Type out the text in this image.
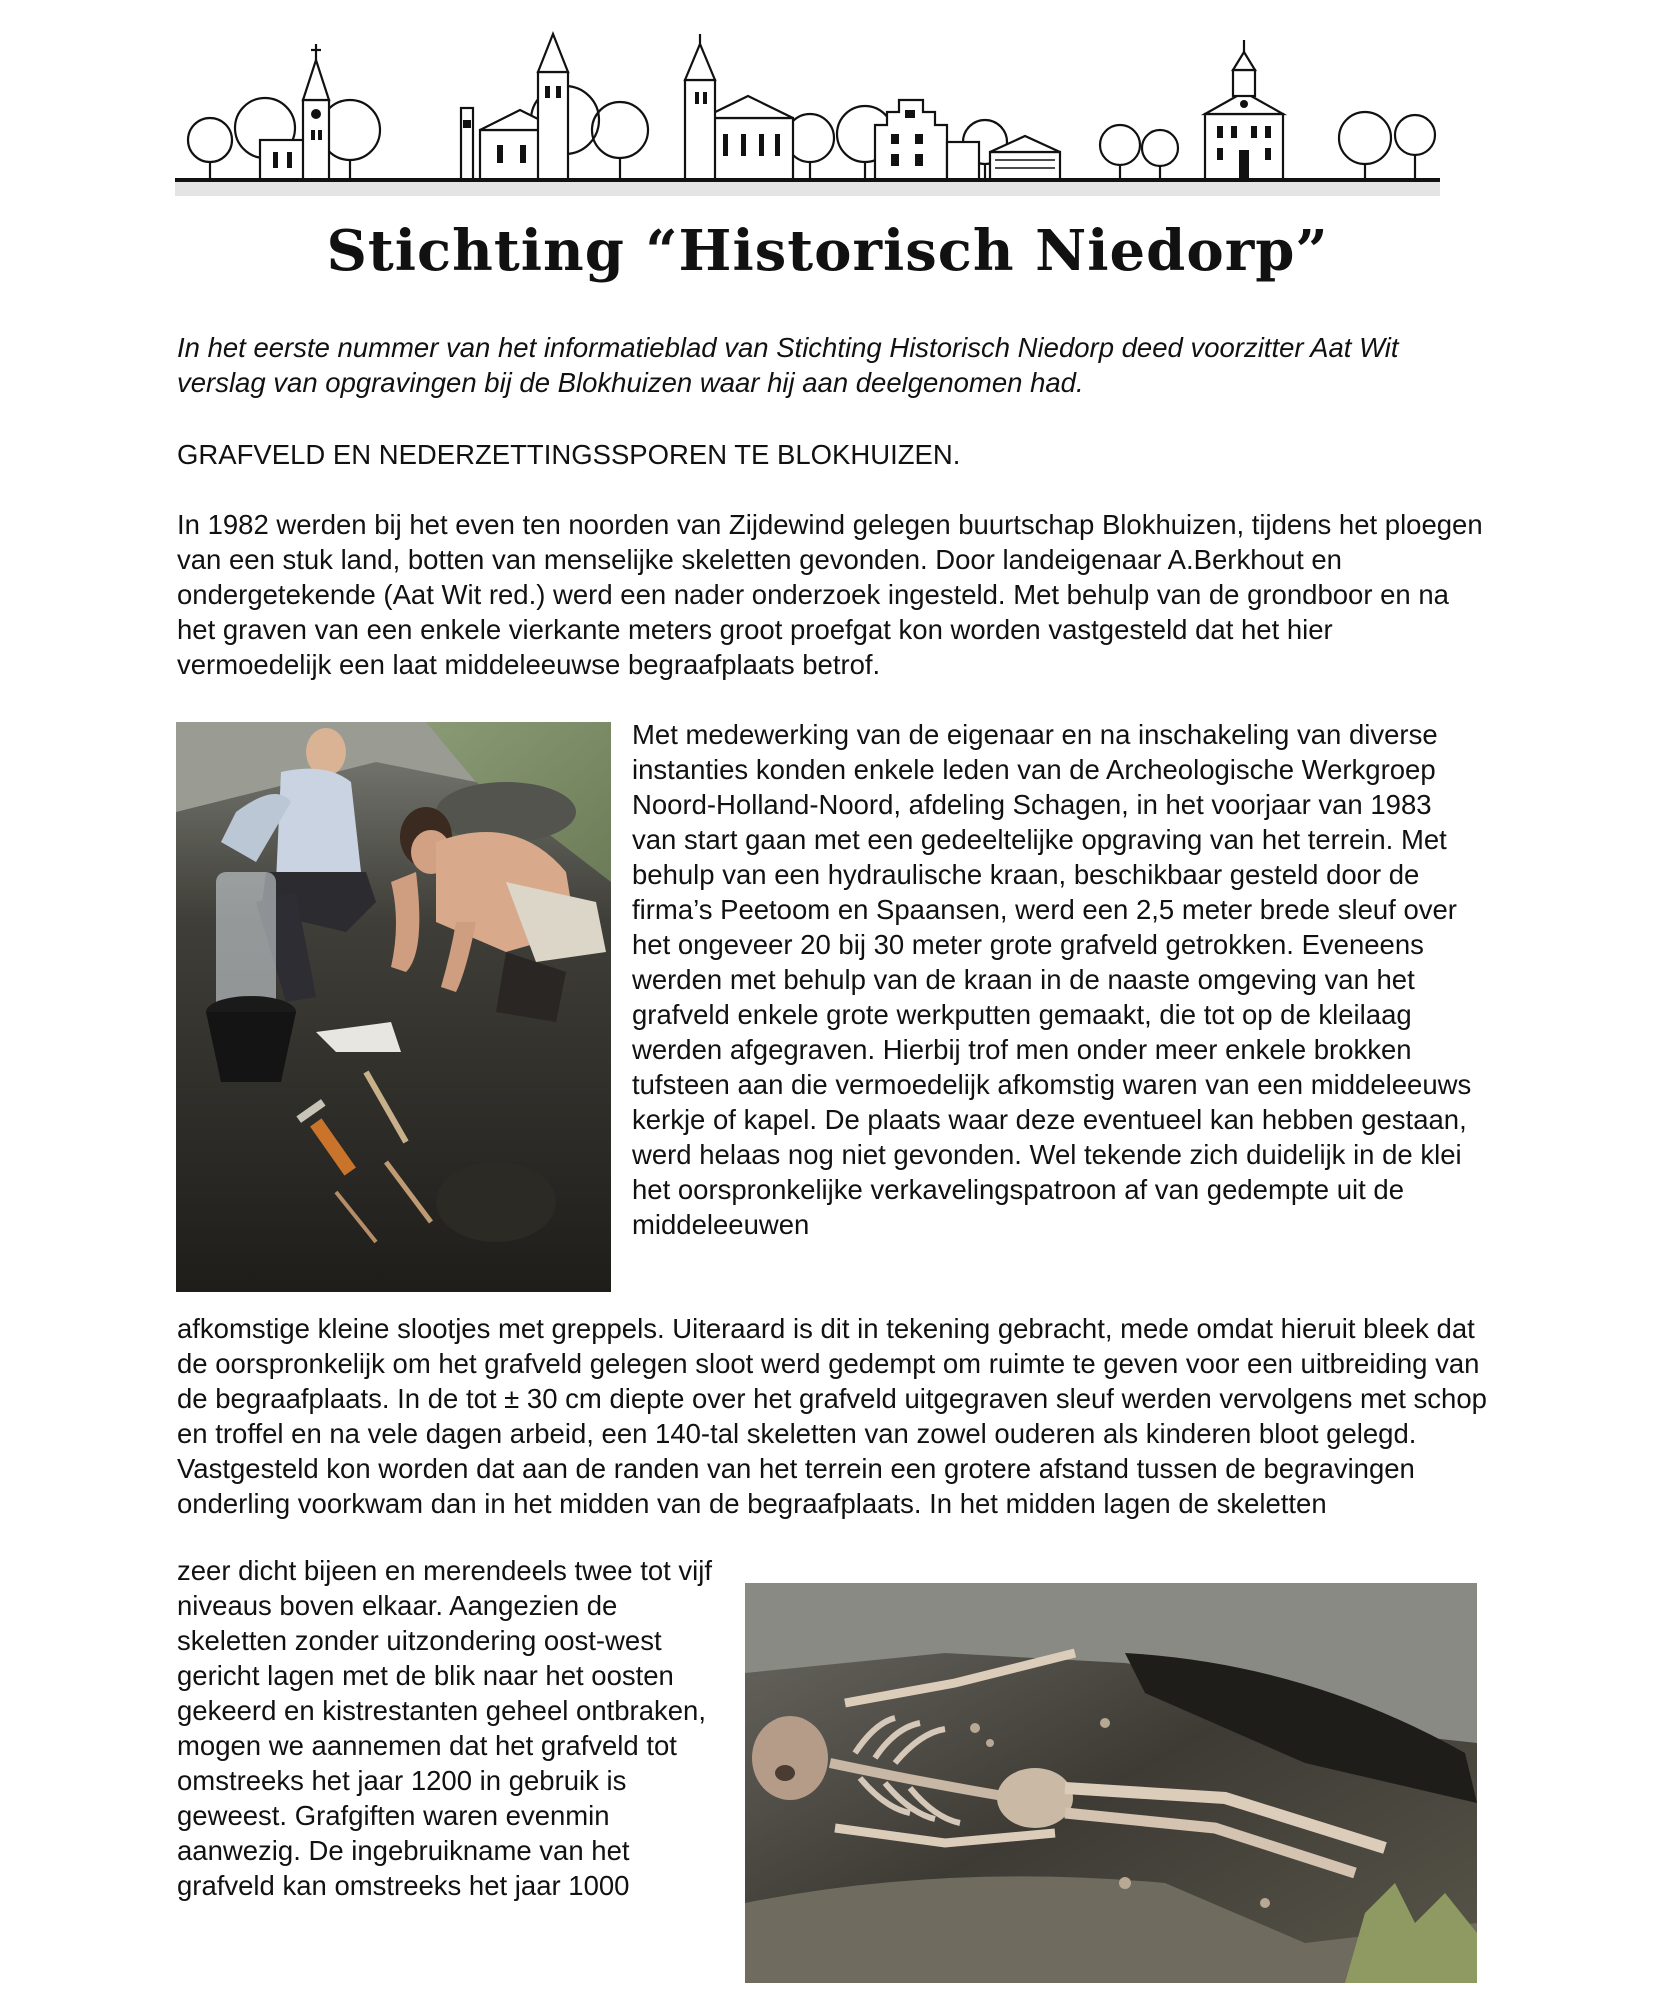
Stichting “Historisch Niedorp”

In het eerste nummer van het informatieblad van Stichting Historisch Niedorp deed voorzitter Aat Wit verslag van opgravingen bij de Blokhuizen waar hij aan deelgenomen had.

GRAFVELD EN NEDERZETTINGSSPOREN TE BLOKHUIZEN.

In 1982 werden bij het even ten noorden van Zijdewind gelegen buurtschap Blokhuizen, tijdens het ploegen van een stuk land, botten van menselijke skeletten gevonden. Door landeigenaar A.Berkhout en ondergetekende (Aat Wit red.) werd een nader onderzoek ingesteld. Met behulp van de grondboor en na het graven van een enkele vierkante meters groot proefgat kon worden vastgesteld dat het hier vermoedelijk een laat middeleeuwse begraafplaats betrof.

Met medewerking van de eigenaar en na inschakeling van diverse instanties konden enkele leden van de Archeologische Werkgroep Noord-Holland-Noord, afdeling Schagen, in het voorjaar van 1983 van start gaan met een gedeeltelijke opgraving van het terrein. Met behulp van een hydraulische kraan, beschikbaar gesteld door de firma’s Peetoom en Spaansen, werd een 2,5 meter brede sleuf over het ongeveer 20 bij 30 meter grote grafveld getrokken. Eveneens werden met behulp van de kraan in de naaste omgeving van het grafveld enkele grote werkputten gemaakt, die tot op de kleilaag werden afgegraven. Hierbij trof men onder meer enkele brokken tufsteen aan die vermoedelijk afkomstig waren van een middeleeuws kerkje of kapel. De plaats waar deze eventueel kan hebben gestaan, werd helaas nog niet gevonden. Wel tekende zich duidelijk in de klei het oorspronkelijke verkavelingspatroon af van gedempte uit de middeleeuwen

afkomstige kleine slootjes met greppels. Uiteraard is dit in tekening gebracht, mede omdat hieruit bleek dat de oorspronkelijk om het grafveld gelegen sloot werd gedempt om ruimte te geven voor een uitbreiding van de begraafplaats. In de tot ± 30 cm diepte over het grafveld uitgegraven sleuf werden vervolgens met schop en troffel en na vele dagen arbeid, een 140-tal skeletten van zowel ouderen als kinderen bloot gelegd. Vastgesteld kon worden dat aan de randen van het terrein een grotere afstand tussen de begravingen onderling voorkwam dan in het midden van de begraafplaats. In het midden lagen de skeletten

zeer dicht bijeen en merendeels twee tot vijf niveaus boven elkaar. Aangezien de skeletten zonder uitzondering oost-west gericht lagen met de blik naar het oosten gekeerd en kistrestanten geheel ontbraken, mogen we aannemen dat het grafveld tot omstreeks het jaar 1200 in gebruik is geweest. Grafgiften waren evenmin aanwezig. De ingebruikname van het grafveld kan omstreeks het jaar 1000
